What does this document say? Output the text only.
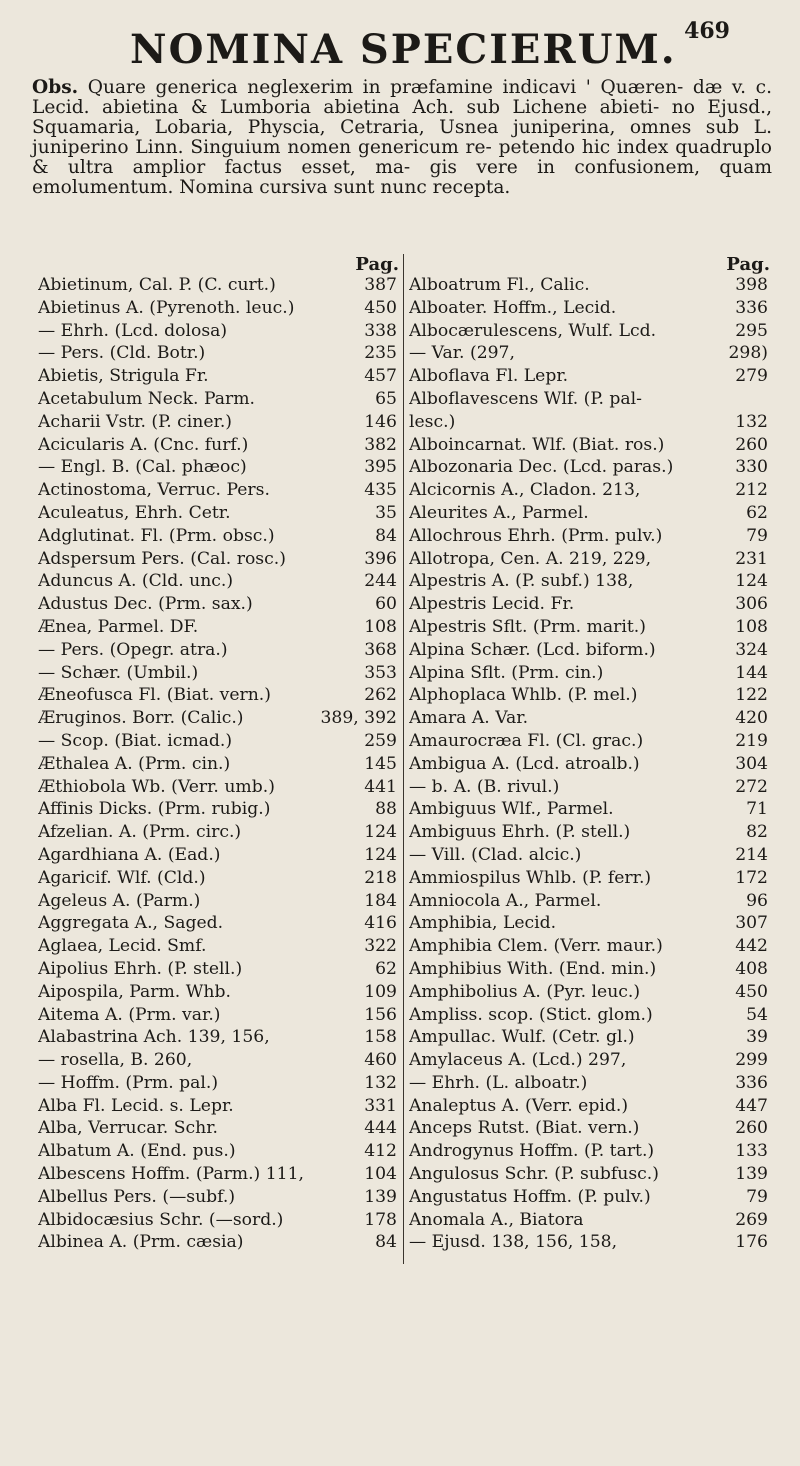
NOMINA SPECIERUM. 469

Obs. Quare generica neglexerim in præfamine indicavi ' Quæren- dæ v. c. Lecid. abietina & Lumboria abietina Ach. sub Lichene abieti- no Ejusd., Squamaria, Lobaria, Physcia, Cetraria, Usnea juniperina, omnes sub L. juniperino Linn. Singuium nomen genericum re- petendo hic index quadruplo & ultra amplior factus esset, ma- gis vere in confusionem, quam emolumentum. Nomina cursiva sunt nunc recepta.

Pag.
Abietinum, Cal. P. (C. curt.)	387
Abietinus A. (Pyrenoth. leuc.)	450
— Ehrh. (Lcd. dolosa)	338
— Pers. (Cld. Botr.)	235
Abietis, Strigula Fr.	457
Acetabulum Neck. Parm.	65
Acharii Vstr. (P. ciner.)	146
Acicularis A. (Cnc. furf.)	382
— Engl. B. (Cal. phæoc)	395
Actinostoma, Verruc. Pers.	435
Aculeatus, Ehrh. Cetr.	35
Adglutinat. Fl. (Prm. obsc.)	84
Adspersum Pers. (Cal. rosc.)	396
Aduncus A. (Cld. unc.)	244
Adustus Dec. (Prm. sax.)	60
Ænea, Parmel. DF.	108
— Pers. (Opegr. atra.)	368
— Schær. (Umbil.)	353
Æneofusca Fl. (Biat. vern.)	262
Æruginos. Borr. (Calic.)	389, 392
— Scop. (Biat. icmad.)	259
Æthalea A. (Prm. cin.)	145
Æthiobola Wb. (Verr. umb.)	441
Affinis Dicks. (Prm. rubig.)	88
Afzelian. A. (Prm. circ.)	124
Agardhiana A. (Ead.)	124
Agaricif. Wlf. (Cld.)	218
Ageleus A. (Parm.)	184
Aggregata A., Saged.	416
Aglaea, Lecid. Smf.	322
Aipolius Ehrh. (P. stell.)	62
Aipospila, Parm. Whb.	109
Aitema A. (Prm. var.)	156
Alabastrina Ach. 139, 156,	158
— rosella, B. 260,	460
— Hoffm. (Prm. pal.)	132
Alba Fl. Lecid. s. Lepr.	331
Alba, Verrucar. Schr.	444
Albatum A. (End. pus.)	412
Albescens Hoffm. (Parm.) 111,	104
Albellus Pers. (—subf.)	139
Albidocæsius Schr. (—sord.)	178
Albinea A. (Prm. cæsia)	84
Pag.
Alboatrum Fl., Calic.	398
Alboater. Hoffm., Lecid.	336
Albocærulescens, Wulf. Lcd.	295
— Var. (297,	298)
Alboflava Fl. Lepr.	279
Alboflavescens Wlf. (P. pal-
lesc.)	132
Alboincarnat. Wlf. (Biat. ros.)	260
Albozonaria Dec. (Lcd. paras.)	330
Alcicornis A., Cladon. 213,	212
Aleurites A., Parmel.	62
Allochrous Ehrh. (Prm. pulv.)	79
Allotropa, Cen. A. 219, 229,	231
Alpestris A. (P. subf.) 138,	124
Alpestris Lecid. Fr.	306
Alpestris Sflt. (Prm. marit.)	108
Alpina Schær. (Lcd. biform.)	324
Alpina Sflt. (Prm. cin.)	144
Alphoplaca Whlb. (P. mel.)	122
Amara A. Var.	420
Amaurocræa Fl. (Cl. grac.)	219
Ambigua A. (Lcd. atroalb.)	304
— b. A. (B. rivul.)	272
Ambiguus Wlf., Parmel.	71
Ambiguus Ehrh. (P. stell.)	82
— Vill. (Clad. alcic.)	214
Ammiospilus Whlb. (P. ferr.)	172
Amniocola A., Parmel.	96
Amphibia, Lecid.	307
Amphibia Clem. (Verr. maur.)	442
Amphibius With. (End. min.)	408
Amphibolius A. (Pyr. leuc.)	450
Ampliss. scop. (Stict. glom.)	54
Ampullac. Wulf. (Cetr. gl.)	39
Amylaceus A. (Lcd.) 297,	299
— Ehrh. (L. alboatr.)	336
Analeptus A. (Verr. epid.)	447
Anceps Rutst. (Biat. vern.)	260
Androgynus Hoffm. (P. tart.)	133
Angulosus Schr. (P. subfusc.)	139
Angustatus Hoffm. (P. pulv.)	79
Anomala A., Biatora	269
— Ejusd. 138, 156, 158,	176
